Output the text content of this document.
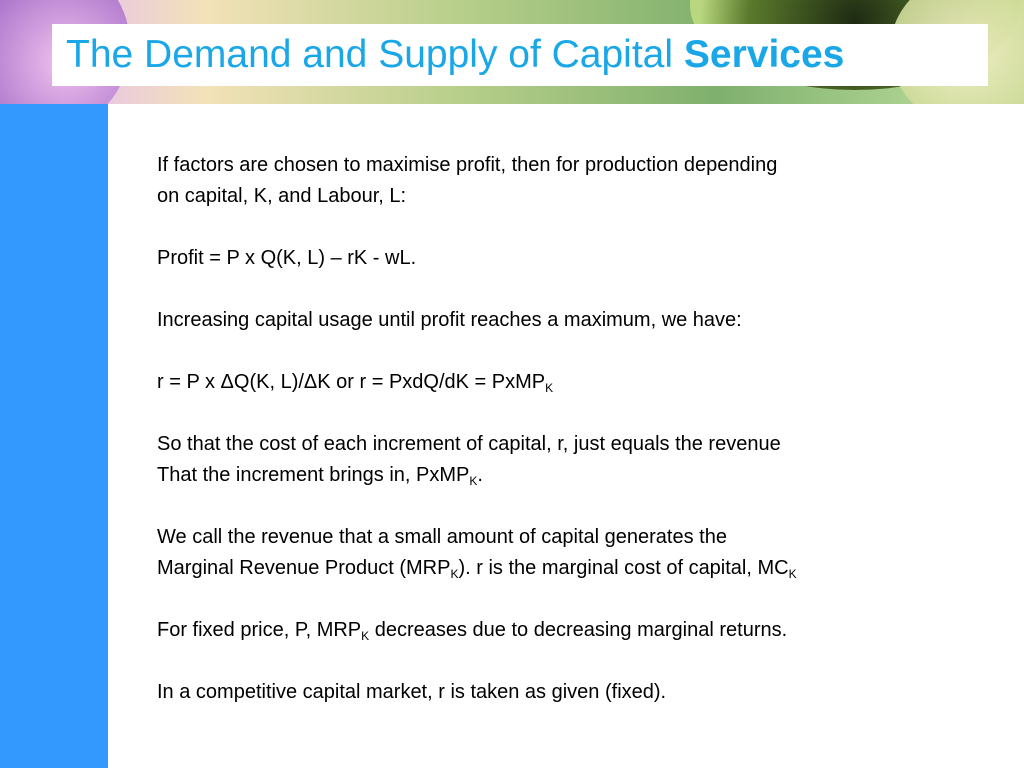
The Demand and Supply of Capital Services

If factors are chosen to maximise profit, then for production depending
on capital, K, and Labour, L:

Profit = P x Q(K, L) – rK - wL.

Increasing capital usage until profit reaches a maximum, we have:

r = P x ΔQ(K, L)/ΔK or r = PxdQ/dK = PxMP$_K$

So that the cost of each increment of capital, r, just equals the revenue
That the increment brings in, PxMP$_K$.

We call the revenue that a small amount of capital generates the
Marginal Revenue Product $(MRP_K)$. r is the marginal cost of capital, $MC_K$

For fixed price, P, $MRP_K$ decreases due to decreasing marginal returns.

In a competitive capital market, r is taken as given (fixed).
